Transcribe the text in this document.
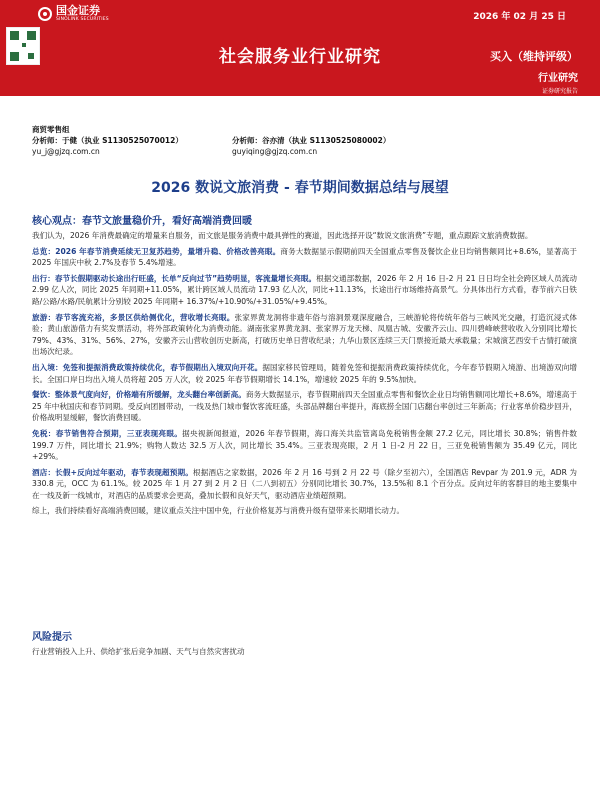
国金证券
SINOLINK SECURITIES	2026 年 02 月 25 日
社会服务业行业研究	买入（维持评级）
行业研究
证券研究报告
商贸零售组
分析师：于健（执业 S1130525070012）	分析师：谷亦清（执业 S1130525080002）
yu_j@gjzq.com.cn	guyiqing@gjzq.com.cn
2026 数说文旅消费 - 春节期间数据总结与展望
核心观点：春节文旅量稳价升，看好高端消费回暖

我们认为，2026 年消费最确定的增量来自服务，而文旅是服务消费中最具弹性的赛道，因此选择开设“数说文旅消费”专题，重点跟踪文旅消费数据。

总览：2026 年春节消费延续无卫复苏趋势，量增升稳、价格改善亮眼。商务大数据显示假期前四天全国重点零售及餐饮企业日均销售额同比+8.6%，显著高于 2025 年国庆中秋 2.7%及春节 5.4%增速。

出行：春节长假期驱动长途出行旺盛，长单“反向过节”趋势明显，客流量增长亮眼。根据交通部数据，2026 年 2 月 16 日-2 月 21 日日均全社会跨区域人员流动 2.99 亿人次，同比 2025 年同期+11.05%，累计跨区域人员流动 17.93 亿人次，同比+11.13%，长途出行市场维持高景气。分具体出行方式看，春节前六日铁路/公路/水路/民航累计分别较 2025 年同期+ 16.37%/+10.90%/+31.05%/+9.45%。

旅游：春节客流充裕，多景区供给侧优化，营收增长亮眼。张家界黄龙洞将非遗年俗与溶洞景观深度融合，三峡游轮将传统年俗与三峡风光交融，打造沉浸式体验；黄山旅游借力有奖发票活动，将外部政策转化为消费动能。湖南张家界黄龙洞、张家界万龙天梯、凤凰古城、安徽齐云山、四川碧峰峡营收收入分别同比增长 79%、43%、31%、56%、27%，安徽齐云山营收创历史新高，打破历史单日营收纪录；九华山景区连续三天门票接近最大承载量；宋城演艺西安千古情打破演出场次纪录。

出入境：免签和提振消费政策持续优化，春节假期出入境双向开花。据国家移民管理局，随着免签和提振消费政策持续优化，今年春节假期入境游、出境游双向增长。全国口岸日均出入境人员将超 205 万人次，较 2025 年春节假期增长 14.1%，增速较 2025 年的 9.5%加快。

餐饮：整体景气度向好，价格端有所缓解，龙头翻台率创新高。商务大数据显示，春节假期前四天全国重点零售和餐饮企业日均销售额同比增长+8.6%，增速高于 25 年中秋国庆和春节同期。受反向团圆带动，一线及热门城市餐饮客流旺盛，头部品牌翻台率提升，海底捞全国门店翻台率创过三年新高；行业客单价稳步回升，价格战明显缓解，餐饮消费回暖。

免税：春节销售符合预期，三亚表现亮眼。据央视新闻报道，2026 年春节假期，海口海关共监管离岛免税销售金额 27.2 亿元，同比增长 30.8%；销售件数 199.7 万件，同比增长 21.9%；购物人数达 32.5 万人次，同比增长 35.4%。三亚表现亮眼，2 月 1 日-2 月 22 日，三亚免税销售额为 35.49 亿元，同比+29%。

酒店：长假+反向过年驱动，春节表现超预期。根据酒店之家数据，2026 年 2 月 16 号到 2 月 22 号（除夕至初六），全国酒店 Revpar 为 201.9 元，ADR 为 330.8 元，OCC 为 61.1%。较 2025 年 1 月 27 到 2 月 2 日（二八到初五）分别同比增长 30.7%，13.5%和 8.1 个百分点。反向过年的客群目的地主要集中在一线及新一线城市，对酒店的品质要求会更高，叠加长假和良好天气，驱动酒店业绩超预期。

综上，我们持续看好高端消费回暖，建议重点关注中国中免，行业价格复苏与消费升级有望带来长期增长动力。

风险提示
行业营销投入上升、供给扩张后竞争加剧、天气与自然灾害扰动
